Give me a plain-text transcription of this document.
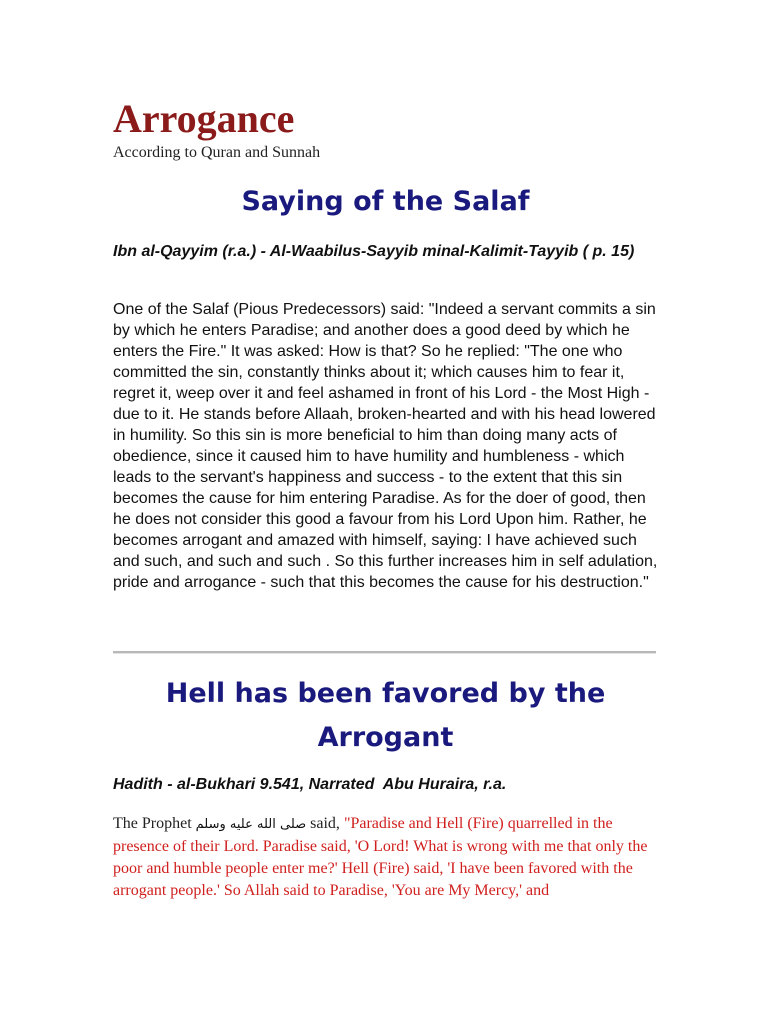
Arrogance
According to Quran and Sunnah
Saying of the Salaf
Ibn al-Qayyim (r.a.) - Al-Waabilus-Sayyib minal-Kalimit-Tayyib ( p. 15)

One of the Salaf (Pious Predecessors) said: "Indeed a servant commits a sin by which he enters Paradise; and another does a good deed by which he enters the Fire." It was asked: How is that? So he replied: "The one who committed the sin, constantly thinks about it; which causes him to fear it, regret it, weep over it and feel ashamed in front of his Lord - the Most High - due to it. He stands before Allaah, broken-hearted and with his head lowered in humility. So this sin is more beneficial to him than doing many acts of obedience, since it caused him to have humility and humbleness - which leads to the servant's happiness and success - to the extent that this sin becomes the cause for him entering Paradise. As for the doer of good, then he does not consider this good a favour from his Lord Upon him. Rather, he becomes arrogant and amazed with himself, saying: I have achieved such and such, and such and such . So this further increases him in self adulation, pride and arrogance - such that this becomes the cause for his destruction."

Hell has been favored by the
Arrogant
Hadith - al-Bukhari 9.541, Narrated  Abu Huraira, r.a.

The Prophet صلى الله عليه وسلم said, "Paradise and Hell (Fire) quarrelled in the presence of their Lord. Paradise said, 'O Lord! What is wrong with me that only the poor and humble people enter me?' Hell (Fire) said, 'I have been favored with the arrogant people.' So Allah said to Paradise, 'You are My Mercy,' and
